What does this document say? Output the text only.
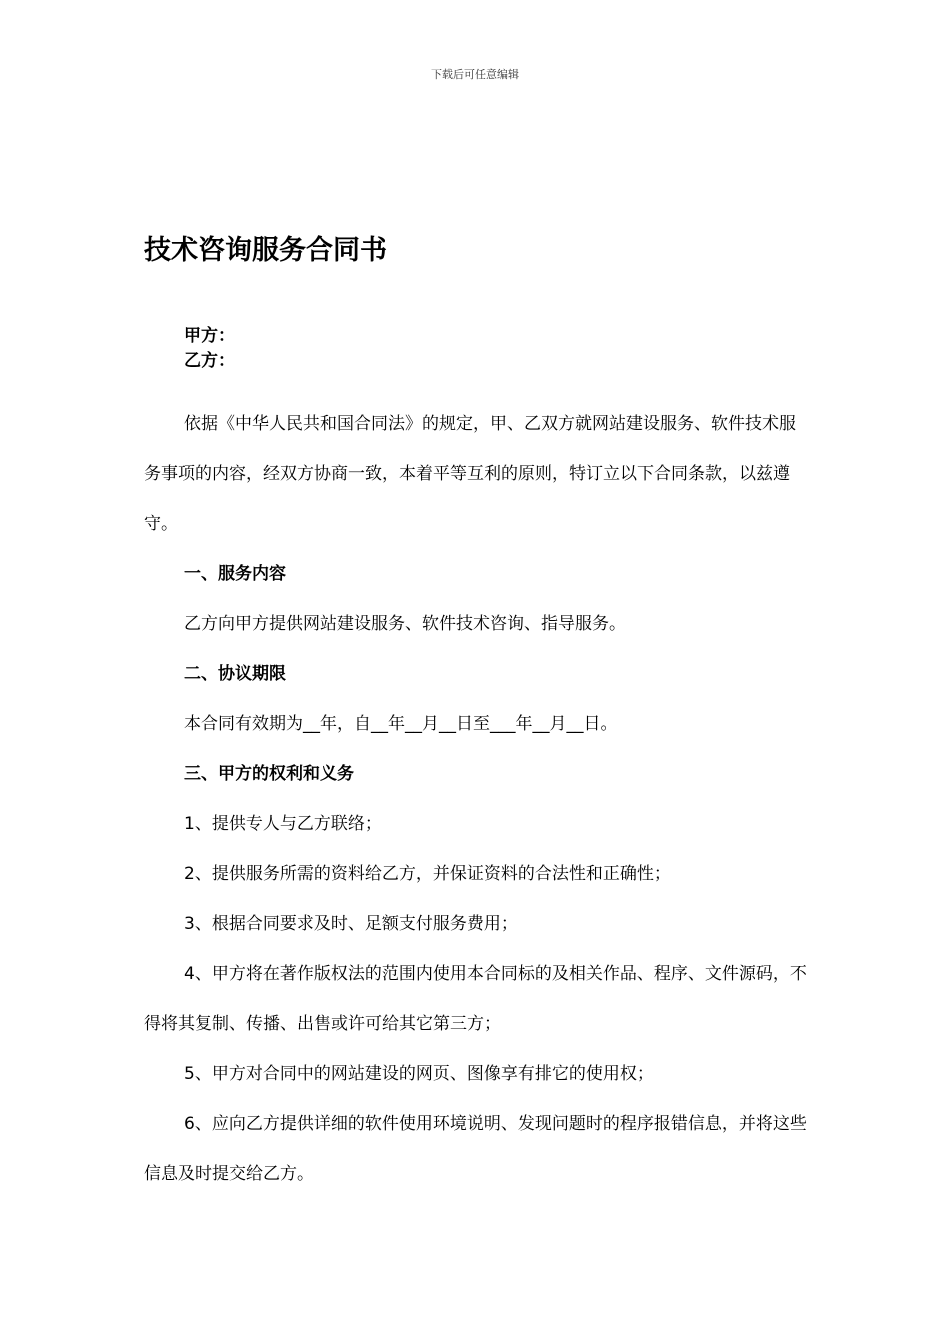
下载后可任意编辑
技术咨询服务合同书
甲方：
乙方：

依据《中华人民共和国合同法》的规定，甲、乙双方就网站建设服务、软件技术服务事项的内容，经双方协商一致，本着平等互利的原则，特订立以下合同条款，以兹遵守。

一、服务内容

乙方向甲方提供网站建设服务、软件技术咨询、指导服务。

二、协议期限

本合同有效期为__年，自__年__月__日至___年__月__日。

三、甲方的权利和义务

1、提供专人与乙方联络；

2、提供服务所需的资料给乙方，并保证资料的合法性和正确性；

3、根据合同要求及时、足额支付服务费用；

4、甲方将在著作版权法的范围内使用本合同标的及相关作品、程序、文件源码，不得将其复制、传播、出售或许可给其它第三方；

5、甲方对合同中的网站建设的网页、图像享有排它的使用权；

6、应向乙方提供详细的软件使用环境说明、发现问题时的程序报错信息，并将这些信息及时提交给乙方。
